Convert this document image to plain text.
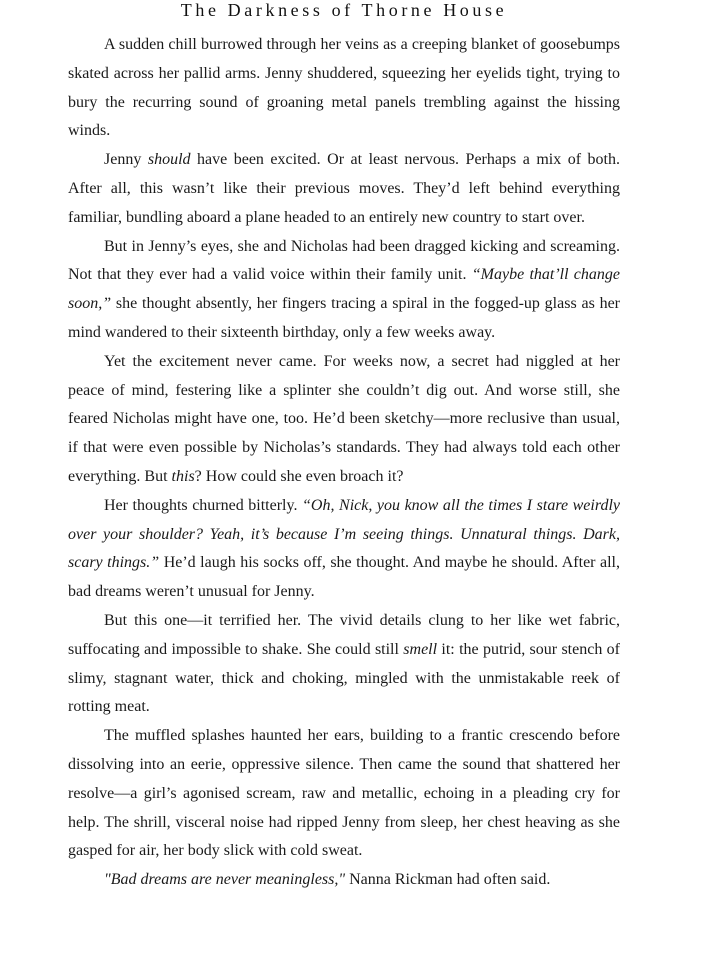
The Darkness of Thorne House

A sudden chill burrowed through her veins as a creeping blanket of goosebumps skated across her pallid arms. Jenny shuddered, squeezing her eyelids tight, trying to bury the recurring sound of groaning metal panels trembling against the hissing winds.

Jenny should have been excited. Or at least nervous. Perhaps a mix of both. After all, this wasn’t like their previous moves. They’d left behind everything familiar, bundling aboard a plane headed to an entirely new country to start over.

But in Jenny’s eyes, she and Nicholas had been dragged kicking and screaming. Not that they ever had a valid voice within their family unit. “Maybe that’ll change soon,” she thought absently, her fingers tracing a spiral in the fogged-up glass as her mind wandered to their sixteenth birthday, only a few weeks away.

Yet the excitement never came. For weeks now, a secret had niggled at her peace of mind, festering like a splinter she couldn’t dig out. And worse still, she feared Nicholas might have one, too. He’d been sketchy—more reclusive than usual, if that were even possible by Nicholas’s standards. They had always told each other everything. But this? How could she even broach it?

Her thoughts churned bitterly. “Oh, Nick, you know all the times I stare weirdly over your shoulder? Yeah, it’s because I’m seeing things. Unnatural things. Dark, scary things.” He’d laugh his socks off, she thought. And maybe he should. After all, bad dreams weren’t unusual for Jenny.

But this one—it terrified her. The vivid details clung to her like wet fabric, suffocating and impossible to shake. She could still smell it: the putrid, sour stench of slimy, stagnant water, thick and choking, mingled with the unmistakable reek of rotting meat.

The muffled splashes haunted her ears, building to a frantic crescendo before dissolving into an eerie, oppressive silence. Then came the sound that shattered her resolve—a girl’s agonised scream, raw and metallic, echoing in a pleading cry for help. The shrill, visceral noise had ripped Jenny from sleep, her chest heaving as she gasped for air, her body slick with cold sweat.

"Bad dreams are never meaningless," Nanna Rickman had often said.
